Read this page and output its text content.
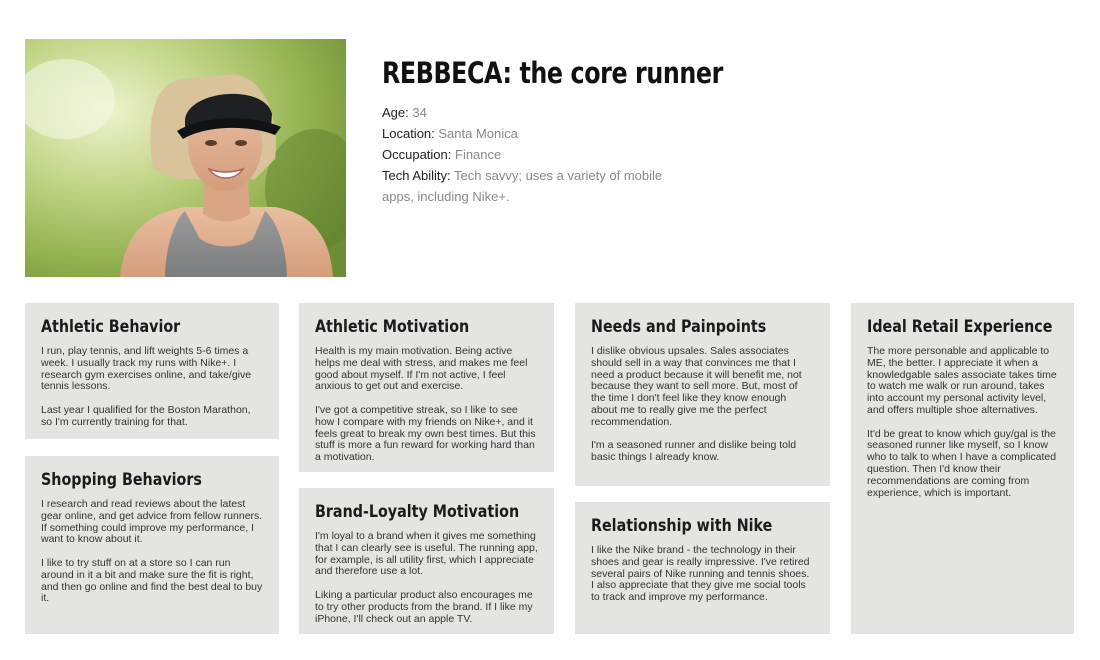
REBBECA: the core runner
Age: 34
Location: Santa Monica
Occupation: Finance
Tech Ability: Tech savvy; uses a variety of mobile apps, including Nike+.
Athletic Behavior

I run, play tennis, and lift weights 5-6 times a week. I usually track my runs with Nike+. I research gym exercises online, and take/give tennis lessons.

Last year I qualified for the Boston Marathon, so I'm currently training for that.

Shopping Behaviors

I research and read reviews about the latest gear online, and get advice from fellow runners. If something could improve my performance, I want to know about it.

I like to try stuff on at a store so I can run around in it a bit and make sure the fit is right, and then go online and find the best deal to buy it.

Athletic Motivation

Health is my main motivation. Being active helps me deal with stress, and makes me feel good about myself. If I'm not active, I feel anxious to get out and exercise.

I've got a competitive streak, so I like to see how I compare with my friends on Nike+, and it feels great to break my own best times. But this stuff is more a fun reward for working hard than a motivation.

Brand-Loyalty Motivation

I'm loyal to a brand when it gives me something that I can clearly see is useful. The running app, for example, is all utility first, which I appreciate and therefore use a lot.

Liking a particular product also encourages me to try other products from the brand. If I like my iPhone, I'll check out an apple TV.

Needs and Painpoints

I dislike obvious upsales. Sales associates should sell in a way that convinces me that I need a product because it will benefit me, not because they want to sell more. But, most of the time I don't feel like they know enough about me to really give me the perfect recommendation.

I'm a seasoned runner and dislike being told basic things I already know.

Relationship with Nike

I like the Nike brand - the technology in their shoes and gear is really impressive. I've retired several pairs of Nike running and tennis shoes. I also appreciate that they give me social tools to track and improve my performance.

Ideal Retail Experience

The more personable and applicable to ME, the better. I appreciate it when a knowledgable sales associate takes time to watch me walk or run around, takes into account my personal activity level, and offers multiple shoe alternatives.

It'd be great to know which guy/gal is the seasoned runner like myself, so I know who to talk to when I have a complicated question. Then I'd know their recommendations are coming from experience, which is important.
